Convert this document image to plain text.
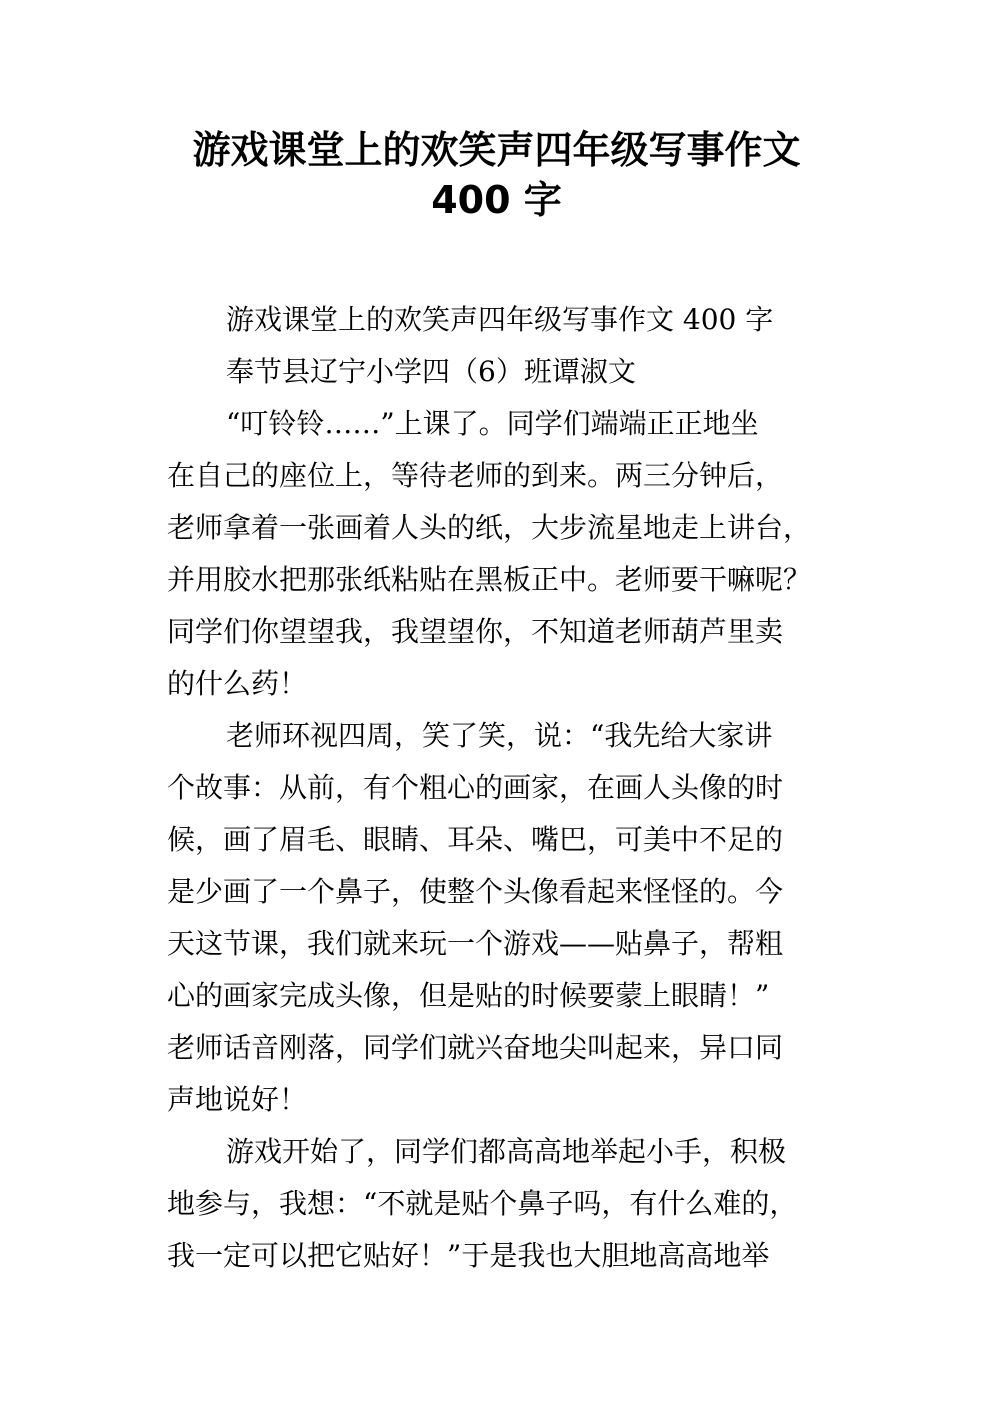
游戏课堂上的欢笑声四年级写事作文
400 字
游戏课堂上的欢笑声四年级写事作文 400 字
奉节县辽宁小学四（6）班谭淑文
“叮铃铃……”上课了。同学们端端正正地坐
在自己的座位上，等待老师的到来。两三分钟后，
老师拿着一张画着人头的纸，大步流星地走上讲台，
并用胶水把那张纸粘贴在黑板正中。老师要干嘛呢？
同学们你望望我，我望望你，不知道老师葫芦里卖
的什么药！
老师环视四周，笑了笑，说：“我先给大家讲
个故事：从前，有个粗心的画家，在画人头像的时
候，画了眉毛、眼睛、耳朵、嘴巴，可美中不足的
是少画了一个鼻子，使整个头像看起来怪怪的。今
天这节课，我们就来玩一个游戏——贴鼻子，帮粗
心的画家完成头像，但是贴的时候要蒙上眼睛！”
老师话音刚落，同学们就兴奋地尖叫起来，异口同
声地说好！
游戏开始了，同学们都高高地举起小手，积极
地参与，我想：“不就是贴个鼻子吗，有什么难的，
我一定可以把它贴好！”于是我也大胆地高高地举
